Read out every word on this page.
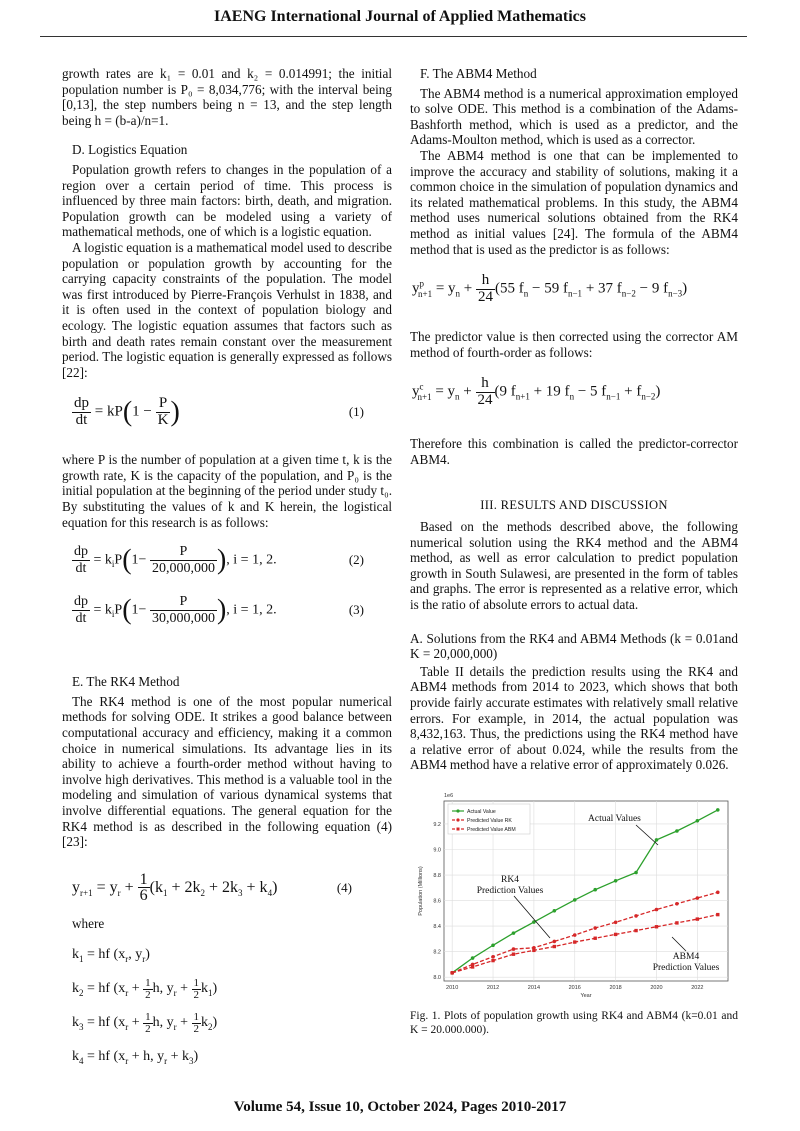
IAENG International Journal of Applied Mathematics

growth rates are k₁ = 0.01 and k₂ = 0.014991; the initial population number is P₀ = 8,034,776; with the interval being [0,13], the step numbers being n = 13, and the step length being h = (b-a)/n=1.

D. Logistics Equation

Population growth refers to changes in the population of a region over a certain period of time. This process is influenced by three main factors: birth, death, and migration. Population growth can be modeled using a variety of mathematical methods, one of which is a logistic equation.

A logistic equation is a mathematical model used to describe population or population growth by accounting for the carrying capacity constraints of the population. The model was first introduced by Pierre-François Verhulst in 1838, and it is often used in the context of population biology and ecology. The logistic equation assumes that factors such as birth and death rates remain constant over the measurement period. The logistic equation is generally expressed as follows [22]:

$\frac{dp}{dt} = kP(1 - \frac{P}{K}$ )	(1)

where P is the number of population at a given time t, k is the growth rate, K is the capacity of the population, and P₀ is the initial population at the beginning of the period under study t₀. By substituting the values of k and K herein, the logistical equation for this research is as follows:

$\frac{dp}{dt} = k_iP(1- \frac{P}{20,000,000}$ ), i = 1, 2.	(2)
$\frac{dp}{dt} = k_iP(1- \frac{P}{30,000,000}$ ), i = 1, 2.	(3)
E. The RK4 Method

The RK4 method is one of the most popular numerical methods for solving ODE. It strikes a good balance between computational accuracy and efficiency, making it a common choice in numerical simulations. Its advantage lies in its ability to achieve a fourth-order method without having to involve high derivatives. This method is a valuable tool in the modeling and simulation of various dynamical systems that involve differential equations. The general equation for the RK4 method is as described in the following equation (4) [23]:

$y_{r+1} = y_r + \frac{1}{6} (k_1 + 2k_2 + 2k_3 + k_4)$	(4)
where
$k_1$ = hf ($x_r$, $y_r$)
$k_2$ = hf ($x_r + \frac{1}{2} h$, $y_r + \frac{1}{2} k_1$)
$k_3$ = hf ($x_r + \frac{1}{2} h$, $y_r + \frac{1}{2} k_2$)
$k_4$ = hf ($x_r + h$, $y_r + k_3$)
F. The ABM4 Method

The ABM4 method is a numerical approximation employed to solve ODE. This method is a combination of the Adams-Bashforth method, which is used as a predictor, and the Adams-Moulton method, which is used as a corrector.

The ABM4 method is one that can be implemented to improve the accuracy and stability of solutions, making it a common choice in the simulation of population dynamics and its related mathematical problems. In this study, the ABM4 method uses numerical solutions obtained from the RK4 method as initial values [24]. The formula of the ABM4 method that is used as the predictor is as follows:

$y^p_{n+1} = y_n + \frac{h}{24} (55$ $f_n - 59$ $f_{n-1} + 37$ $f_{n-2} - 9$ $f_{n-3}$)

The predictor value is then corrected using the corrector AM method of fourth-order as follows:

$y^c_{n+1} = y_n + \frac{h}{24} (9$ $f_{n+1} + 19$ $f_n - 5$ $f_{n-1} + f_{n-2}$)

Therefore this combination is called the predictor-corrector ABM4.

III. RESULTS AND DISCUSSION

Based on the methods described above, the following numerical solution using the RK4 method and the ABM4 method, as well as error calculation to predict population growth in South Sulawesi, are presented in the form of tables and graphs. The error is represented as a relative error, which is the ratio of absolute errors to actual data.

A. Solutions from the RK4 and ABM4 Methods (k = 0.01and K = 20,000,000)

Table II details the prediction results using the RK4 and ABM4 methods from 2014 to 2023, which shows that both provide fairly accurate estimates with relatively small relative errors. For example, in 2014, the actual population was 8,432,163. Thus, the predictions using the RK4 method have a relative error of about 0.024, while the results from the ABM4 method have a relative error of approximately 0.026.

8.0
8.2
8.4
8.6
8.8
9.0
9.2
2010	2012	2014	2016	2018	2020	2022
1e6
Year
Population (Millions)
Actual Value
Predicted Value RK
Predicted Value ABM
Actual Values
RK4
Prediction Values
ABM4
Prediction Values
Fig. 1. Plots of population growth using RK4 and ABM4 (k=0.01 and K = 20.000.000).
Volume 54, Issue 10, October 2024, Pages 2010-2017
